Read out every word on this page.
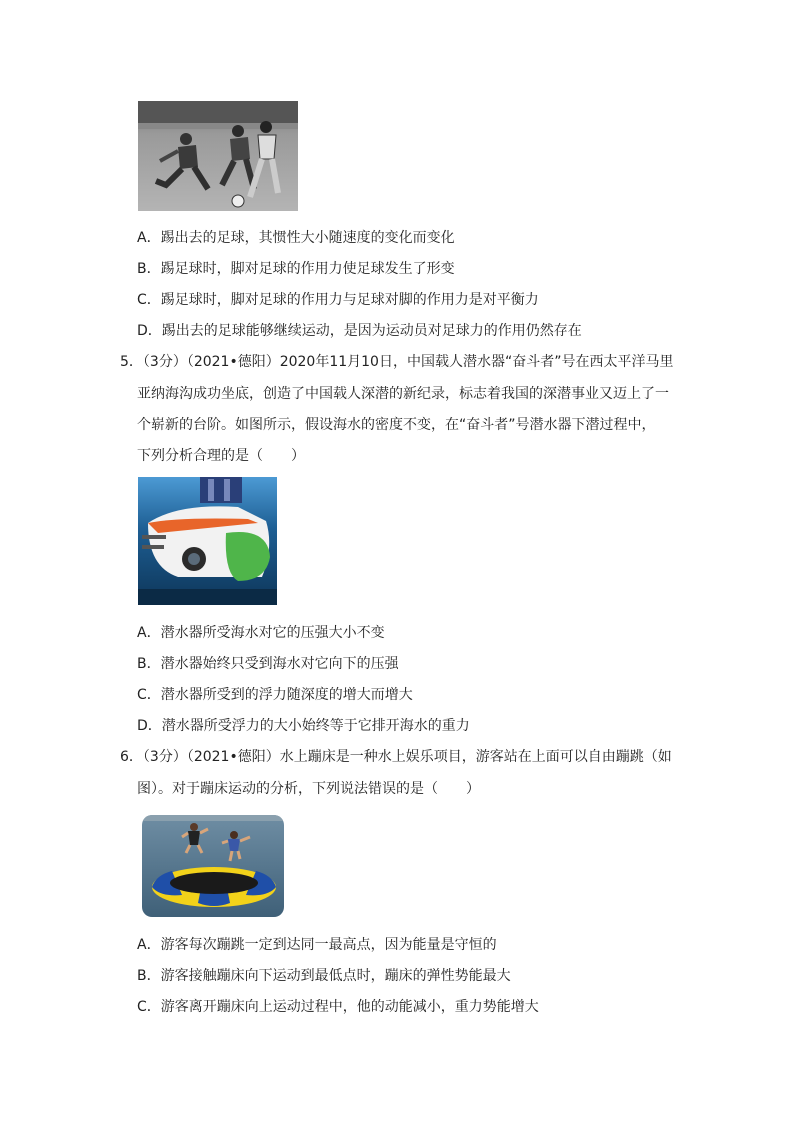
A．踢出去的足球，其惯性大小随速度的变化而变化
B．踢足球时，脚对足球的作用力使足球发生了形变
C．踢足球时，脚对足球的作用力与足球对脚的作用力是对平衡力
D．踢出去的足球能够继续运动，是因为运动员对足球力的作用仍然存在
5．（3分）（2021•德阳）2020年11月10日，中国载人潜水器“奋斗者”号在西太平洋马里
亚纳海沟成功坐底，创造了中国载人深潜的新纪录，标志着我国的深潜事业又迈上了一
个崭新的台阶。如图所示，假设海水的密度不变，在“奋斗者”号潜水器下潜过程中，
下列分析合理的是（　　）
A．潜水器所受海水对它的压强大小不变
B．潜水器始终只受到海水对它向下的压强
C．潜水器所受到的浮力随深度的增大而增大
D．潜水器所受浮力的大小始终等于它排开海水的重力
6．（3分）（2021•德阳）水上蹦床是一种水上娱乐项目，游客站在上面可以自由蹦跳（如
图）。对于蹦床运动的分析，下列说法错误的是（　　）
A．游客每次蹦跳一定到达同一最高点，因为能量是守恒的
B．游客接触蹦床向下运动到最低点时，蹦床的弹性势能最大
C．游客离开蹦床向上运动过程中，他的动能减小，重力势能增大
